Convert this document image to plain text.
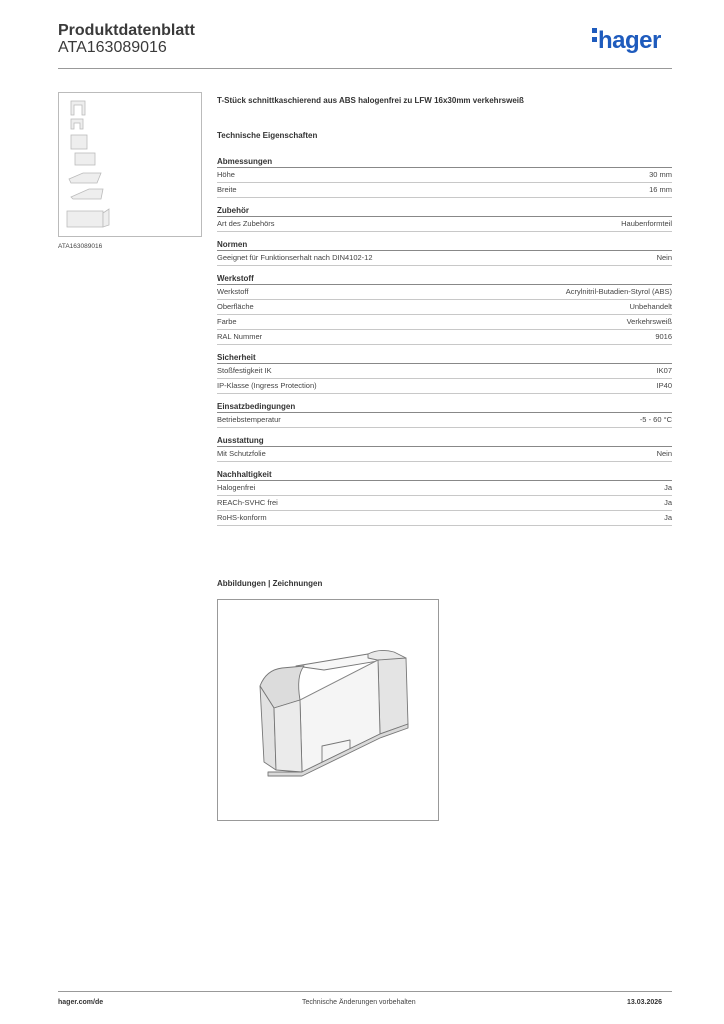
Produktdatenblatt
ATA163089016	hager
ATA163089016
T-Stück schnittkaschierend aus ABS halogenfrei zu LFW 16x30mm verkehrsweiß
Technische Eigenschaften
Abmessungen
Höhe	30 mm
Breite	16 mm
Zubehör
Art des Zubehörs	Haubenformteil
Normen
Geeignet für Funktionserhalt nach DIN4102-12	Nein
Werkstoff
Werkstoff	Acrylnitril-Butadien-Styrol (ABS)
Oberfläche	Unbehandelt
Farbe	Verkehrsweiß
RAL Nummer	9016
Sicherheit
Stoßfestigkeit IK	IK07
IP-Klasse (Ingress Protection)	IP40
Einsatzbedingungen
Betriebstemperatur	-5 - 60 °C
Ausstattung
Mit Schutzfolie	Nein
Nachhaltigkeit
Halogenfrei	Ja
REACh-SVHC frei	Ja
RoHS-konform	Ja
Abbildungen | Zeichnungen
hager.com/de	Technische Änderungen vorbehalten	13.03.2026
